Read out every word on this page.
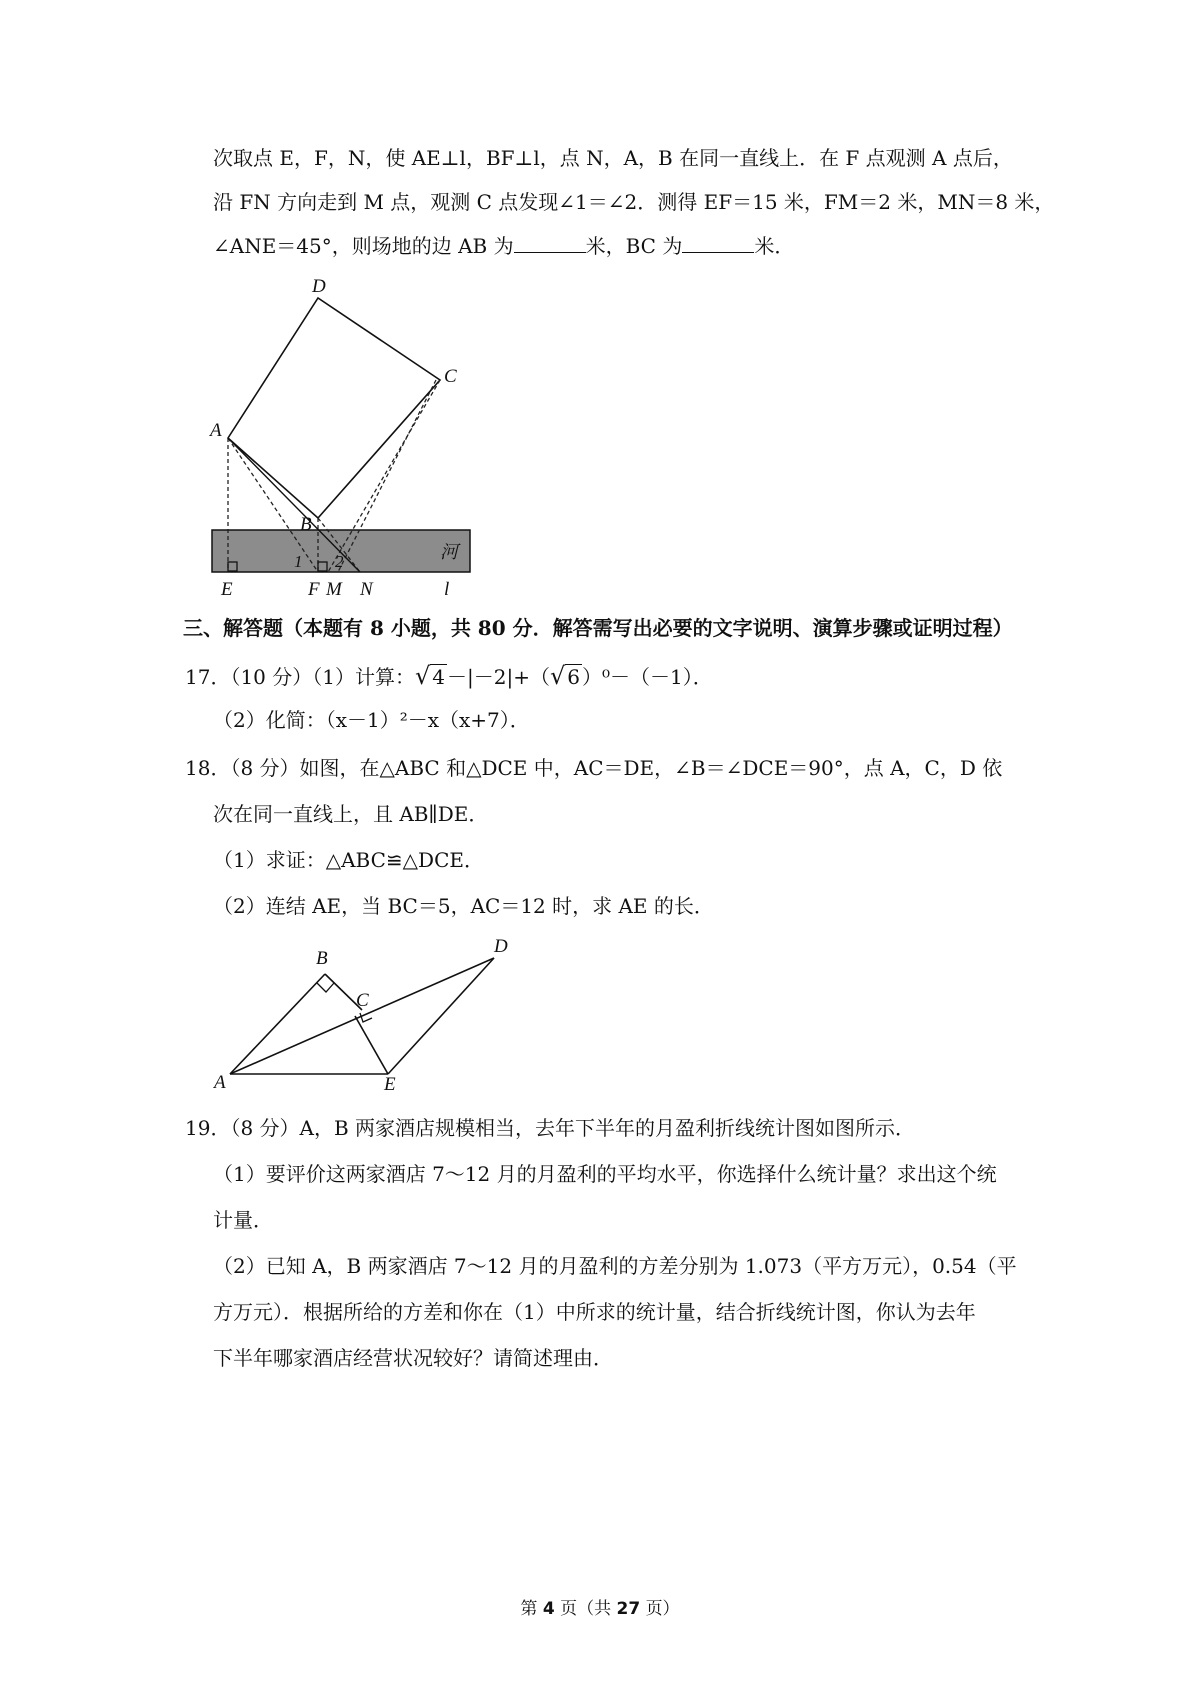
次取点 E，F，N，使 AE⊥l，BF⊥l，点 N，A，B 在同一直线上．在 F 点观测 A 点后，
沿 FN 方向走到 M 点，观测 C 点发现∠1＝∠2．测得 EF＝15 米，FM＝2 米，MN＝8 米，
∠ANE＝45°，则场地的边 AB 为	米，BC 为	米．
河
D
C
A
B
E	F M N	l
1 2
三、解答题（本题有 8 小题，共 80 分．解答需写出必要的文字说明、演算步骤或证明过程）
17．（10 分）（1）计算：√ 4 －|－2|+（√ 6 ）⁰－（－1）．
（2）化简：（x－1）²－x（x+7）．
18．（8 分）如图，在△ABC 和△DCE 中，AC＝DE，∠B＝∠DCE＝90°，点 A，C，D 依
次在同一直线上，且 AB∥DE．
（1）求证：△ABC≌△DCE．
（2）连结 AE，当 BC＝5，AC＝12 时，求 AE 的长．
B
C
D
A	E
19．（8 分）A，B 两家酒店规模相当，去年下半年的月盈利折线统计图如图所示．
（1）要评价这两家酒店 7～12 月的月盈利的平均水平，你选择什么统计量？求出这个统
计量．
（2）已知 A，B 两家酒店 7～12 月的月盈利的方差分别为 1.073（平方万元），0.54（平
方万元）．根据所给的方差和你在（1）中所求的统计量，结合折线统计图，你认为去年
下半年哪家酒店经营状况较好？请简述理由．
第 4 页（共 27 页）
